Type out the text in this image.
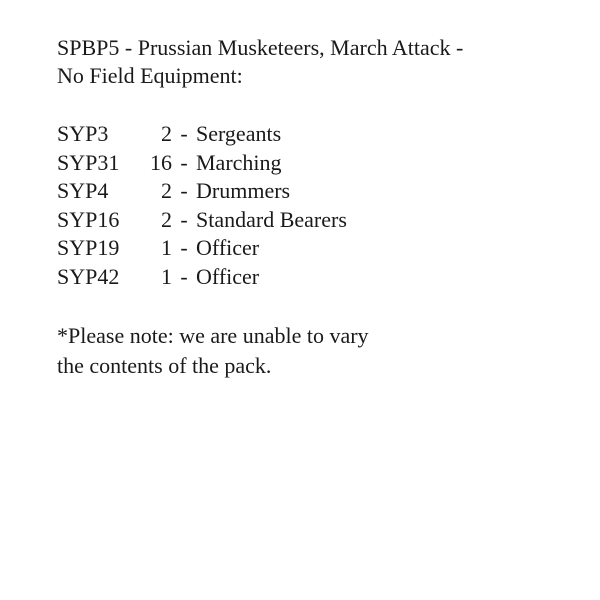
SPBP5 - Prussian Musketeers, March Attack -
No Field Equipment:
SYP3	2 - Sergeants
SYP31	16 - Marching
SYP4	2 - Drummers
SYP16	2 - Standard Bearers
SYP19	1 - Officer
SYP42	1 - Officer
*Please note: we are unable to vary
the contents of the pack.
